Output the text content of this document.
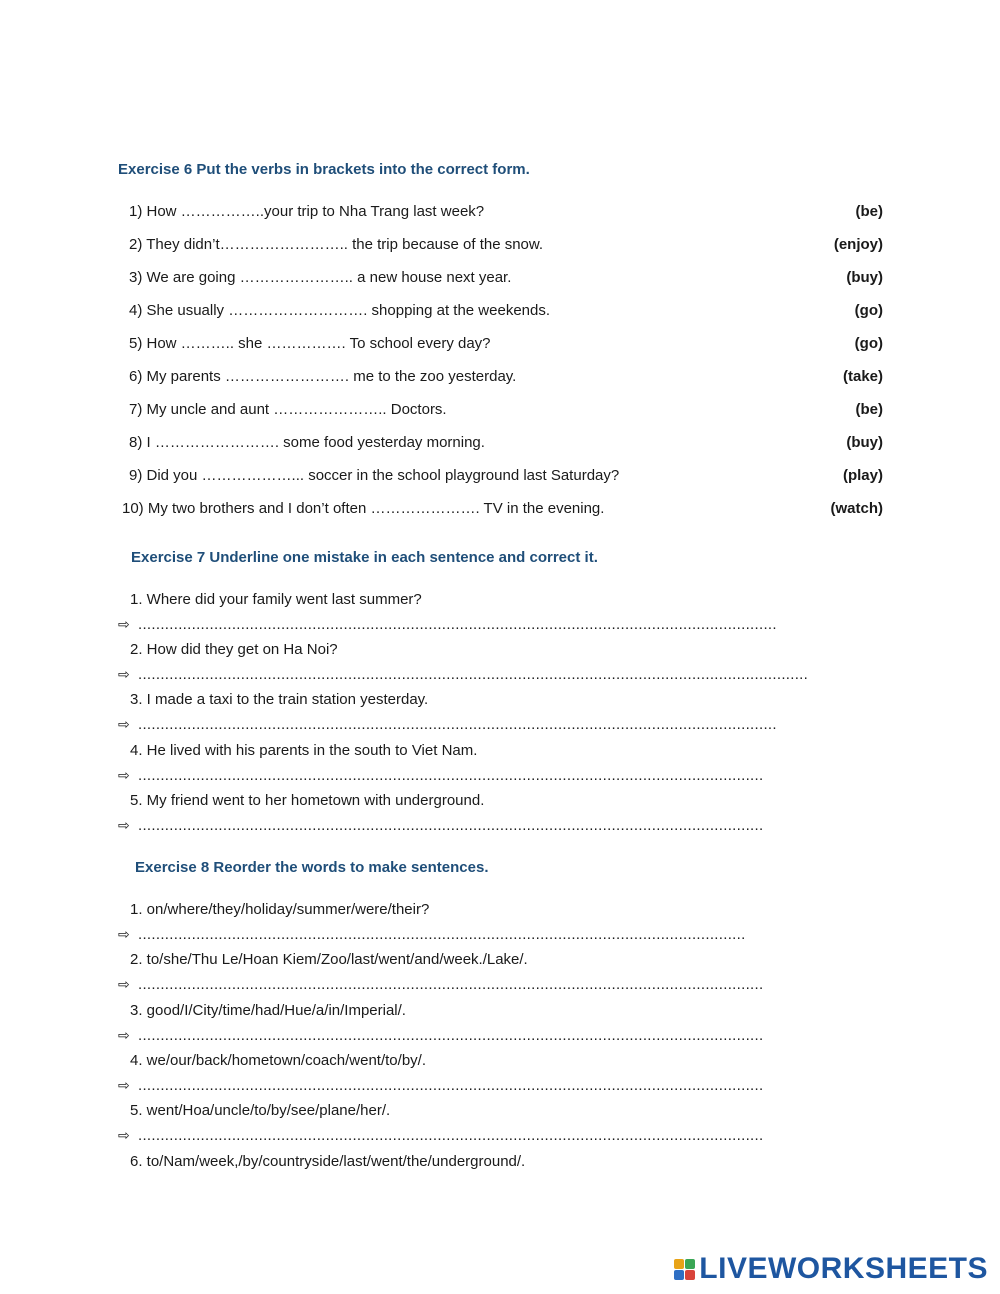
Exercise 6 Put the verbs in brackets into the correct form.
1) How ……………..your trip to Nha Trang last week?	(be)
2) They didn’t…………………….. the trip because of the snow.	(enjoy)
3) We are going ………………….. a new house next year.	(buy)
4) She usually ………………………. shopping at the weekends.	(go)
5) How ……….. she ……………. To school every day?	(go)
6) My parents ……………………. me to the zoo yesterday.	(take)
7) My uncle and aunt ………………….. Doctors.	(be)
8) I ……………………. some food yesterday morning.	(buy)
9) Did you ………………... soccer in the school playground last Saturday?	(play)
10) My two brothers and I don’t often …………………. TV in the evening.	(watch)
Exercise 7 Underline one mistake in each sentence and correct it.
1. Where did your family went last summer?
⇨ ...............................................................................................................................................
2. How did they get on Ha Noi?
⇨ ......................................................................................................................................................
3. I made a taxi to the train station yesterday.
⇨ ...............................................................................................................................................
4. He lived with his parents in the south to Viet Nam.
⇨ ............................................................................................................................................
5. My friend went to her hometown with underground.
⇨ ............................................................................................................................................
Exercise 8 Reorder the words to make sentences.
1. on/where/they/holiday/summer/were/their?
⇨ ........................................................................................................................................
2. to/she/Thu Le/Hoan Kiem/Zoo/last/went/and/week./Lake/.
⇨ ............................................................................................................................................
3. good/I/City/time/had/Hue/a/in/Imperial/.
⇨ ............................................................................................................................................
4. we/our/back/hometown/coach/went/to/by/.
⇨ ............................................................................................................................................
5. went/Hoa/uncle/to/by/see/plane/her/.
⇨ ............................................................................................................................................
6. to/Nam/week,/by/countryside/last/went/the/underground/.
LIVEWORKSHEETS
